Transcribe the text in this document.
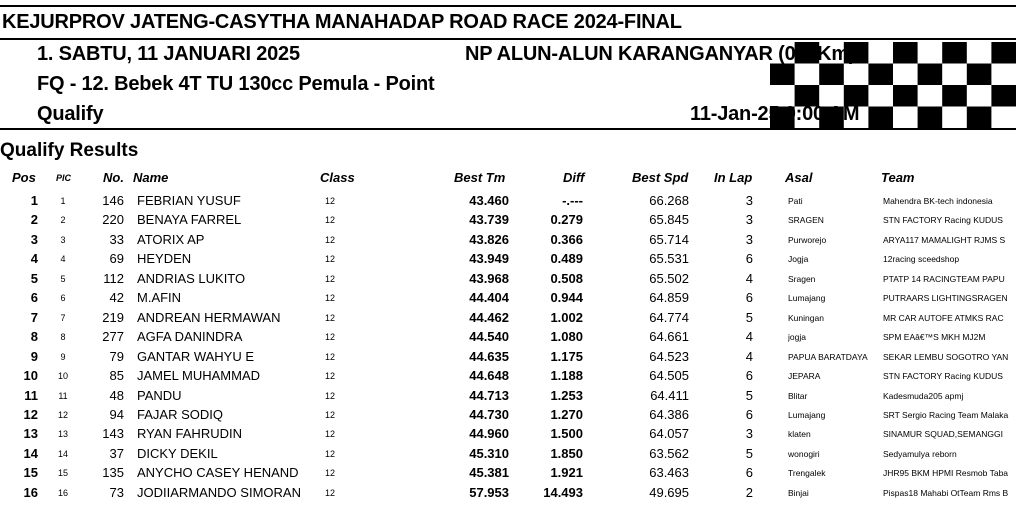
KEJURPROV JATENG-CASYTHA MANAHADAP ROAD RACE 2024-FINAL
1. SABTU, 11 JANUARI 2025	NP ALUN-ALUN KARANGANYAR (0.8 Km)
FQ - 12. Bebek 4T TU 130cc Pemula - Point
Qualify	11-Jan-25 9:00 AM
Qualify Results
Pos PIC No. Name	Class	Best Tm	Diff	Best Spd In Lap	Asal	Team
1	1	146 FEBRIAN YUSUF	12	43.460	-.---	66.268	3	Pati	Mahendra BK-tech indonesia
2	2	220 BENAYA FARREL	12	43.739	0.279	65.845	3	SRAGEN	STN FACTORY Racing KUDUS
3	3	33 ATORIX AP	12	43.826	0.366	65.714	3	Purworejo	ARYA117 MAMALIGHT RJMS S
4	4	69 HEYDEN	12	43.949	0.489	65.531	6	Jogja	12racing sceedshop
5	5	112 ANDRIAS LUKITO	12	43.968	0.508	65.502	4	Sragen	PTATP 14 RACINGTEAM PAPU
6	6	42 M.AFIN	12	44.404	0.944	64.859	6	Lumajang	PUTRAARS LIGHTINGSRAGEN
7	7	219 ANDREAN HERMAWAN	12	44.462	1.002	64.774	5	Kuningan	MR CAR AUTOFE ATMKS RAC
8	8	277 AGFA DANINDRA	12	44.540	1.080	64.661	4	jogja	SPM EAâ€™S MKH MJ2M
9	9	79 GANTAR WAHYU E	12	44.635	1.175	64.523	4	PAPUA BARATDAYA	SEKAR LEMBU SOGOTRO YAN
10 10	85 JAMEL MUHAMMAD	12	44.648	1.188	64.505	6	JEPARA	STN FACTORY Racing KUDUS
11 11	48 PANDU	12	44.713	1.253	64.411	5	Blitar	Kadesmuda205 apmj
12 12	94 FAJAR SODIQ	12	44.730	1.270	64.386	6	Lumajang	SRT Sergio Racing Team Malaka
13 13	143 RYAN FAHRUDIN	12	44.960	1.500	64.057	3	klaten	SINAMUR SQUAD,SEMANGGI
14 14	37 DICKY DEKIL	12	45.310	1.850	63.562	5	wonogiri	Sedyamulya reborn
15 15	135 ANYCHO CASEY HENAND	12	45.381	1.921	63.463	6	Trengalek	JHR95 BKM HPMI Resmob Taba
16 16	73 JODIIARMANDO SIMORAN	12	57.953	14.493	49.695	2	Binjai	Pispas18 Mahabi OtTeam Rms B
